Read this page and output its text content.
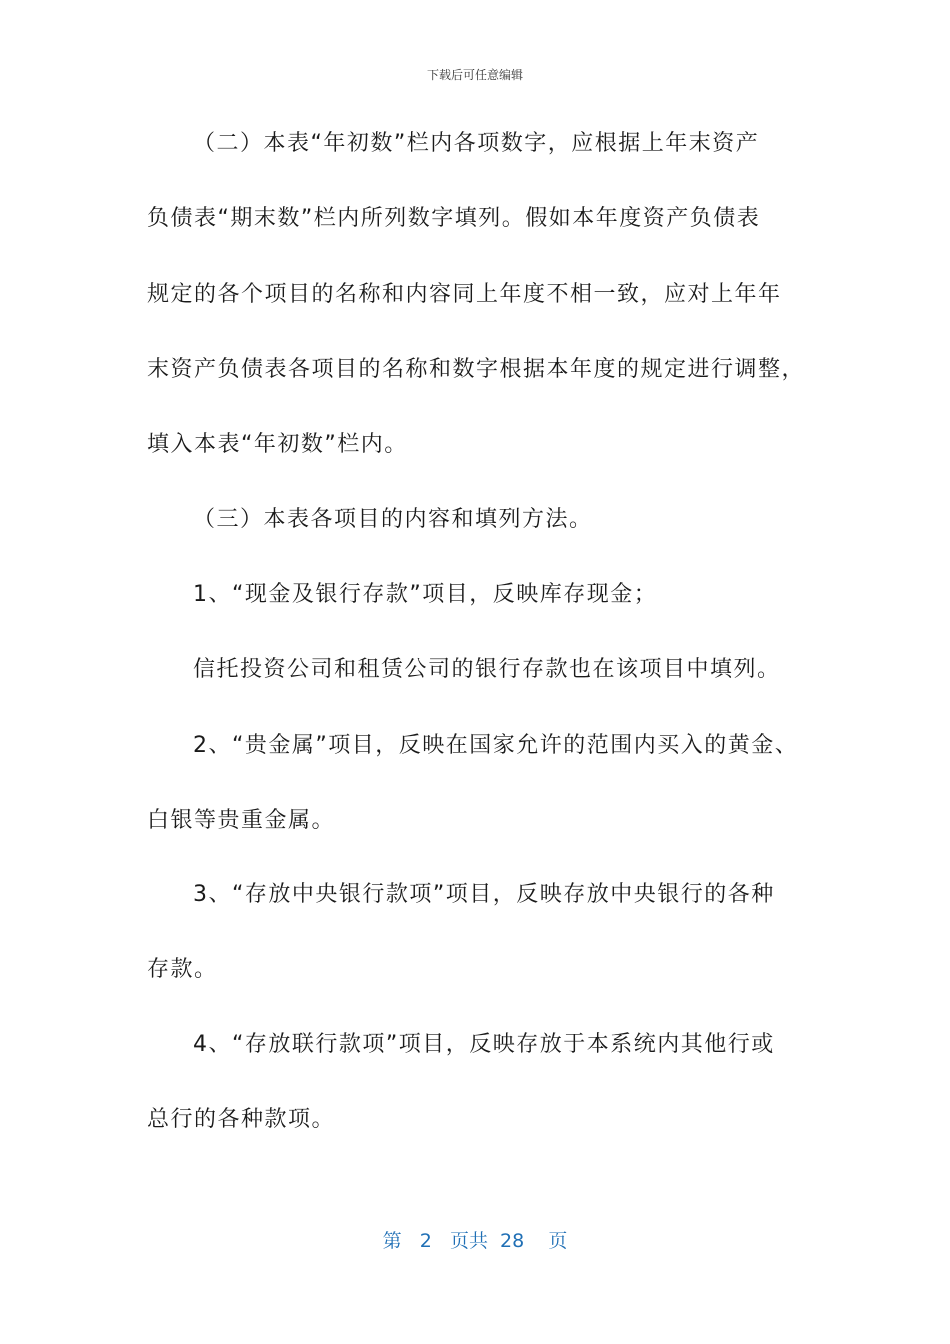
下载后可任意编辑
（二）本表“年初数”栏内各项数字，应根据上年末资产
负债表“期末数”栏内所列数字填列。假如本年度资产负债表
规定的各个项目的名称和内容同上年度不相一致，应对上年年
末资产负债表各项目的名称和数字根据本年度的规定进行调整，
填入本表“年初数”栏内。
（三）本表各项目的内容和填列方法。
1、“现金及银行存款”项目，反映库存现金；
信托投资公司和租赁公司的银行存款也在该项目中填列。
2、“贵金属”项目，反映在国家允许的范围内买入的黄金、
白银等贵重金属。
3、“存放中央银行款项”项目，反映存放中央银行的各种
存款。
4、“存放联行款项”项目，反映存放于本系统内其他行或
总行的各种款项。
第 2 页共 28 页
